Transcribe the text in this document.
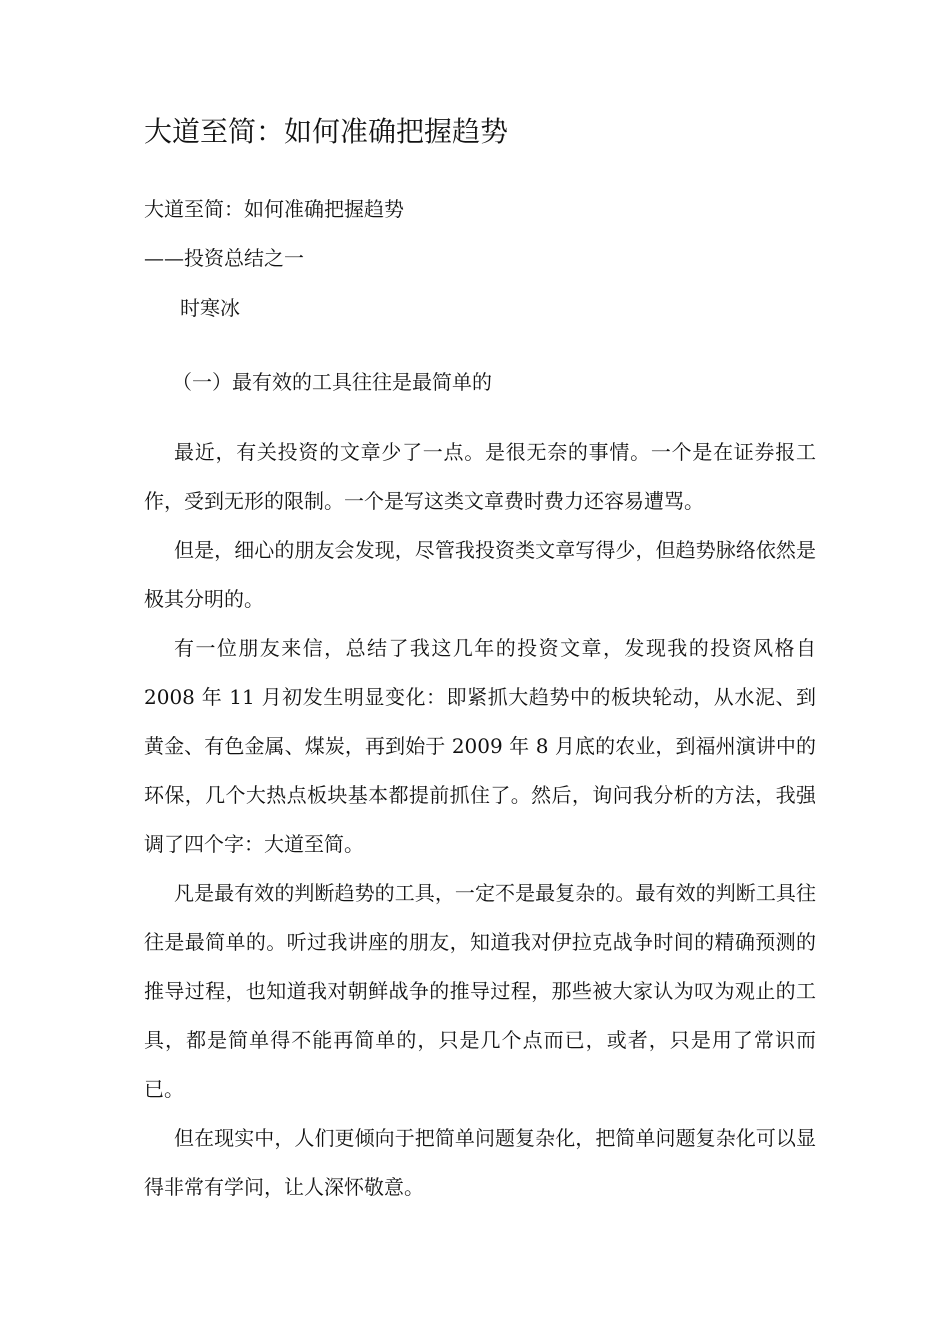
大道至简：如何准确把握趋势
大道至简：如何准确把握趋势
——投资总结之一
时寒冰
（一）最有效的工具往往是最简单的

最近，有关投资的文章少了一点。是很无奈的事情。一个是在证券报工作，受到无形的限制。一个是写这类文章费时费力还容易遭骂。

但是，细心的朋友会发现，尽管我投资类文章写得少，但趋势脉络依然是极其分明的。

有一位朋友来信，总结了我这几年的投资文章，发现我的投资风格自2008 年 11 月初发生明显变化：即紧抓大趋势中的板块轮动，从水泥、到黄金、有色金属、煤炭，再到始于 2009 年 8 月底的农业，到福州演讲中的环保，几个大热点板块基本都提前抓住了。然后，询问我分析的方法，我强调了四个字：大道至简。

凡是最有效的判断趋势的工具，一定不是最复杂的。最有效的判断工具往往是最简单的。听过我讲座的朋友，知道我对伊拉克战争时间的精确预测的推导过程，也知道我对朝鲜战争的推导过程，那些被大家认为叹为观止的工具，都是简单得不能再简单的，只是几个点而已，或者，只是用了常识而已。

但在现实中，人们更倾向于把简单问题复杂化，把简单问题复杂化可以显得非常有学问，让人深怀敬意。
